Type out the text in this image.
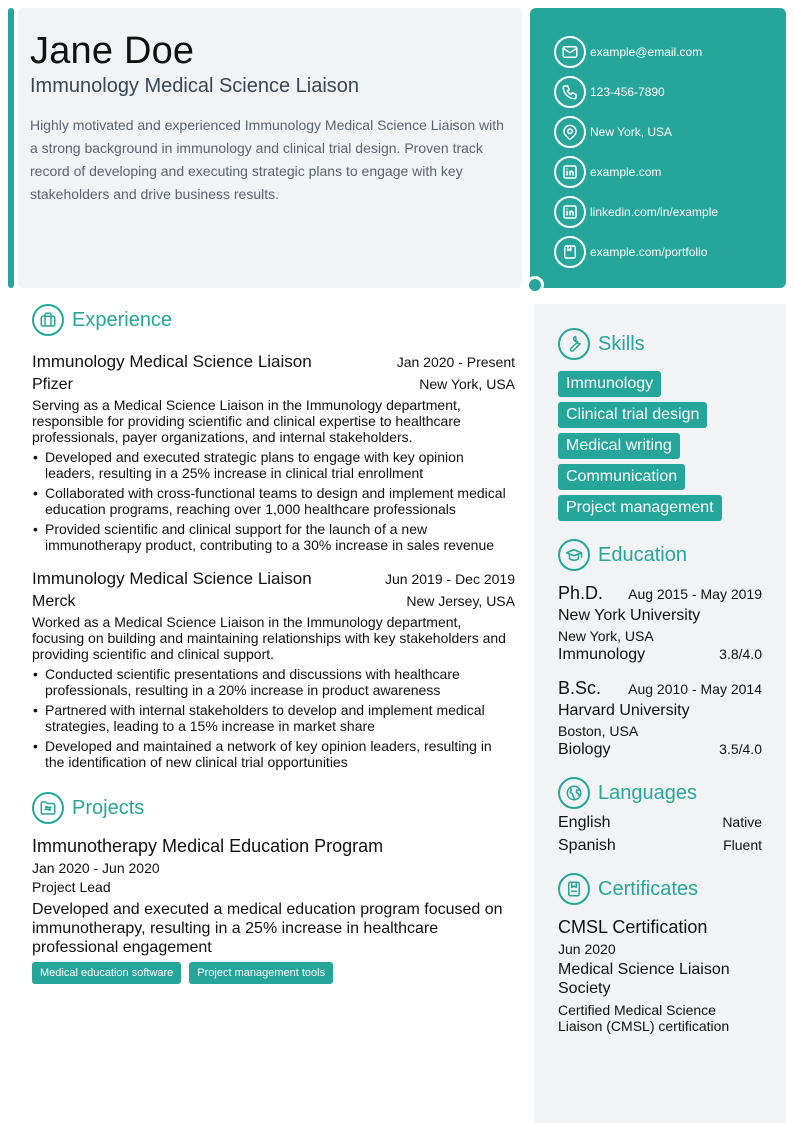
Jane Doe
Immunology Medical Science Liaison
Highly motivated and experienced Immunology Medical Science Liaison with a strong background in immunology and clinical trial design. Proven track record of developing and executing strategic plans to engage with key stakeholders and drive business results.
example@email.com
123-456-7890
New York, USA
example.com
linkedin.com/in/example
example.com/portfolio
Experience
Immunology Medical Science Liaison	Jan 2020 - Present
Pfizer	New York, USA
Serving as a Medical Science Liaison in the Immunology department, responsible for providing scientific and clinical expertise to healthcare professionals, payer organizations, and internal stakeholders.
• Developed and executed strategic plans to engage with key opinion leaders, resulting in a 25% increase in clinical trial enrollment
• Collaborated with cross-functional teams to design and implement medical education programs, reaching over 1,000 healthcare professionals
• Provided scientific and clinical support for the launch of a new immunotherapy product, contributing to a 30% increase in sales revenue
Immunology Medical Science Liaison	Jun 2019 - Dec 2019
Merck	New Jersey, USA
Worked as a Medical Science Liaison in the Immunology department, focusing on building and maintaining relationships with key stakeholders and providing scientific and clinical support.
• Conducted scientific presentations and discussions with healthcare professionals, resulting in a 20% increase in product awareness
• Partnered with internal stakeholders to develop and implement medical strategies, leading to a 15% increase in market share
• Developed and maintained a network of key opinion leaders, resulting in the identification of new clinical trial opportunities
Projects
Immunotherapy Medical Education Program
Jan 2020 - Jun 2020
Project Lead
Developed and executed a medical education program focused on immunotherapy, resulting in a 25% increase in healthcare professional engagement
Medical education software	Project management tools
Skills
Immunology
Clinical trial design
Medical writing
Communication
Project management
Education
Ph.D. Aug 2015 - May 2019
New York University
New York, USA
Immunology	3.8/4.0
B.Sc. Aug 2010 - May 2014
Harvard University
Boston, USA
Biology	3.5/4.0
Languages
English	Native
Spanish	Fluent
Certificates
CMSL Certification
Jun 2020
Medical Science Liaison Society
Certified Medical Science Liaison (CMSL) certification
